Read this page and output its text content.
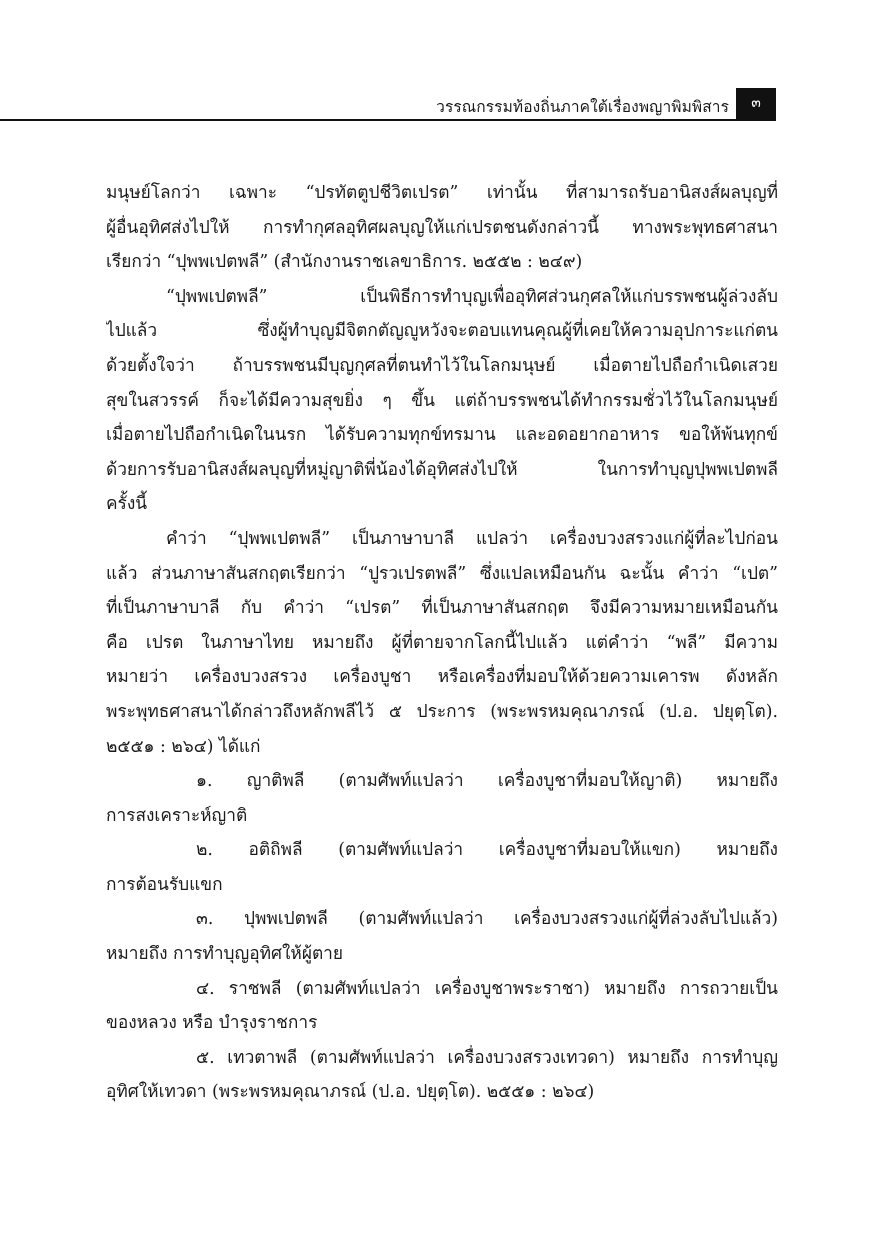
วรรณกรรมท้องถิ่นภาคใต้เรื่องพญาพิมพิสาร	๓
มนุษย์โลกว่า เฉพาะ “ปรทัตตูปชีวิตเปรต” เท่านั้น ที่สามารถรับอานิสงส์ผลบุญที่
ผู้อื่นอุทิศส่งไปให้ การทำกุศลอุทิศผลบุญให้แก่เปรตชนดังกล่าวนี้ ทางพระพุทธศาสนา
เรียกว่า “ปุพพเปตพลี” (สำนักงานราชเลขาธิการ. ๒๕๕๒ : ๒๔๙)
“ปุพพเปตพลี” เป็นพิธีการทำบุญเพื่ออุทิศส่วนกุศลให้แก่บรรพชนผู้ล่วงลับ
ไปแล้ว ซึ่งผู้ทำบุญมีจิตกตัญญูหวังจะตอบแทนคุณผู้ที่เคยให้ความอุปการะแก่ตน
ด้วยตั้งใจว่า ถ้าบรรพชนมีบุญกุศลที่ตนทำไว้ในโลกมนุษย์ เมื่อตายไปถือกำเนิดเสวย
สุขในสวรรค์ ก็จะได้มีความสุขยิ่ง ๆ ขึ้น แต่ถ้าบรรพชนได้ทำกรรมชั่วไว้ในโลกมนุษย์
เมื่อตายไปถือกำเนิดในนรก ได้รับความทุกข์ทรมาน และอดอยากอาหาร ขอให้พ้นทุกข์
ด้วยการรับอานิสงส์ผลบุญที่หมู่ญาติพี่น้องได้อุทิศส่งไปให้ ในการทำบุญปุพพเปตพลี
ครั้งนี้
คำว่า “ปุพพเปตพลี” เป็นภาษาบาลี แปลว่า เครื่องบวงสรวงแก่ผู้ที่ละไปก่อน
แล้ว ส่วนภาษาสันสกฤตเรียกว่า “ปูรวเปรตพลี” ซึ่งแปลเหมือนกัน ฉะนั้น คำว่า “เปต”
ที่เป็นภาษาบาลี กับ คำว่า “เปรต” ที่เป็นภาษาสันสกฤต จึงมีความหมายเหมือนกัน
คือ เปรต ในภาษาไทย หมายถึง ผู้ที่ตายจากโลกนี้ไปแล้ว แต่คำว่า “พลี” มีความ
หมายว่า เครื่องบวงสรวง เครื่องบูชา หรือเครื่องที่มอบให้ด้วยความเคารพ ดังหลัก
พระพุทธศาสนาได้กล่าวถึงหลักพลีไว้ ๕ ประการ (พระพรหมคุณาภรณ์ (ป.อ. ปยุตฺโต).
๒๕๕๑ : ๒๖๔) ได้แก่
๑. ญาติพลี (ตามศัพท์แปลว่า เครื่องบูชาที่มอบให้ญาติ) หมายถึง
การสงเคราะห์ญาติ
๒. อติถิพลี (ตามศัพท์แปลว่า เครื่องบูชาที่มอบให้แขก) หมายถึง
การต้อนรับแขก
๓. ปุพพเปตพลี (ตามศัพท์แปลว่า เครื่องบวงสรวงแก่ผู้ที่ล่วงลับไปแล้ว)
หมายถึง การทำบุญอุทิศให้ผู้ตาย
๔. ราชพลี (ตามศัพท์แปลว่า เครื่องบูชาพระราชา) หมายถึง การถวายเป็น
ของหลวง หรือ บำรุงราชการ
๕. เทวตาพลี (ตามศัพท์แปลว่า เครื่องบวงสรวงเทวดา) หมายถึง การทำบุญ
อุทิศให้เทวดา (พระพรหมคุณาภรณ์ (ป.อ. ปยุตฺโต). ๒๕๕๑ : ๒๖๔)
